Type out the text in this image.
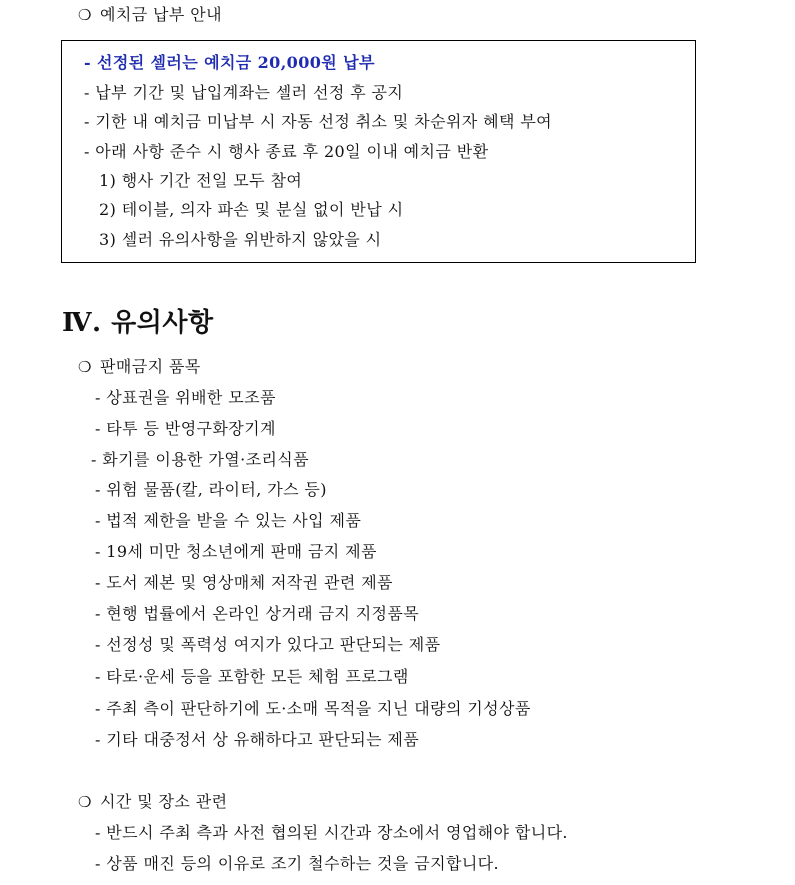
❍ 예치금 납부 안내
- 선정된 셀러는 예치금 20,000원 납부
- 납부 기간 및 납입계좌는 셀러 선정 후 공지
- 기한 내 예치금 미납부 시 자동 선정 취소 및 차순위자 혜택 부여
- 아래 사항 준수 시 행사 종료 후 20일 이내 예치금 반환
1) 행사 기간 전일 모두 참여
2) 테이블, 의자 파손 및 분실 없이 반납 시
3) 셀러 유의사항을 위반하지 않았을 시
Ⅳ. 유의사항
❍ 판매금지 품목
- 상표권을 위배한 모조품
- 타투 등 반영구화장기계
- 화기를 이용한 가열·조리식품
- 위험 물품(칼, 라이터, 가스 등)
- 법적 제한을 받을 수 있는 사입 제품
- 19세 미만 청소년에게 판매 금지 제품
- 도서 제본 및 영상매체 저작권 관련 제품
- 현행 법률에서 온라인 상거래 금지 지정품목
- 선정성 및 폭력성 여지가 있다고 판단되는 제품
- 타로·운세 등을 포함한 모든 체험 프로그램
- 주최 측이 판단하기에 도·소매 목적을 지닌 대량의 기성상품
- 기타 대중정서 상 유해하다고 판단되는 제품
❍ 시간 및 장소 관련
- 반드시 주최 측과 사전 협의된 시간과 장소에서 영업해야 합니다.
- 상품 매진 등의 이유로 조기 철수하는 것을 금지합니다.
